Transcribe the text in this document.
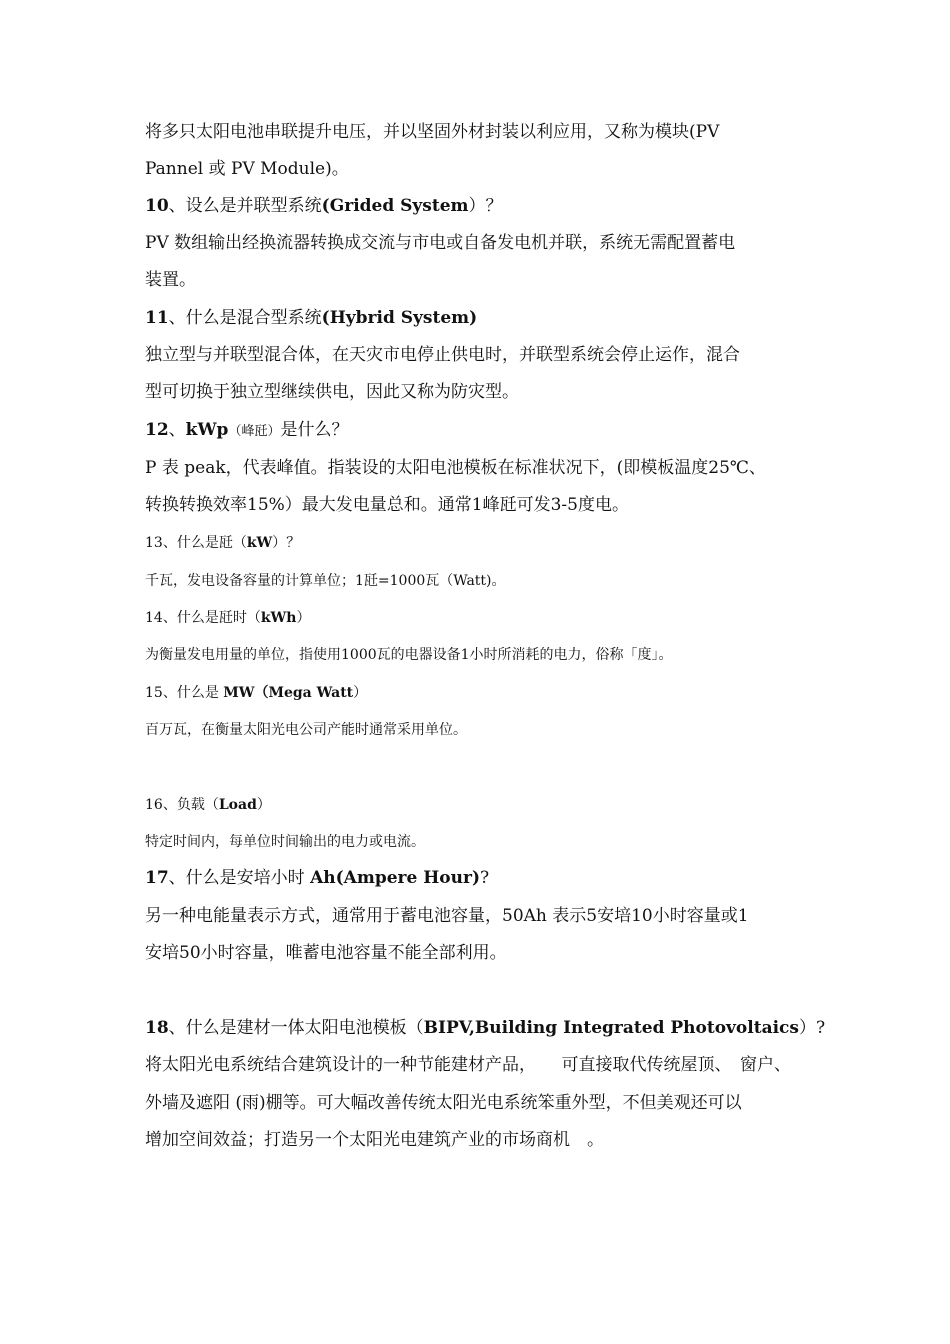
将多只太阳电池串联提升电压，并以坚固外材封装以利应用，又称为模块(PV

Pannel 或 PV Module)。

10、设么是并联型系统(Grided System）？

PV 数组输出经换流器转换成交流与市电或自备发电机并联，系统无需配置蓄电

装置。

11、什么是混合型系统(Hybrid System)

独立型与并联型混合体，在天灾市电停止供电时，并联型系统会停止运作，混合

型可切换于独立型继续供电，因此又称为防灾型。

12、kWp（峰瓩）是什么？

P 表 peak，代表峰值。指装设的太阳电池模板在标准状况下，(即模板温度25℃、

转换转换效率15%）最大发电量总和。通常1峰瓩可发3-5度电。

13、什么是瓩（kW）？

千瓦，发电设备容量的计算单位；1瓩=1000瓦（Watt)。

14、什么是瓩时（kWh）

为衡量发电用量的单位，指使用1000瓦的电器设备1小时所消耗的电力，俗称「度」。

15、什么是 MW（Mega Watt）

百万瓦，在衡量太阳光电公司产能时通常采用单位。

16、负载（Load）

特定时间内，每单位时间输出的电力或电流。

17、什么是安培小时 Ah(Ampere Hour)?

另一种电能量表示方式，通常用于蓄电池容量，50Ah 表示5安培10小时容量或1

安培50小时容量，唯蓄电池容量不能全部利用。

18、什么是建材一体太阳电池模板（BIPV,Building Integrated Photovoltaics）?

将太阳光电系统结合建筑设计的一种节能建材产品，　　可直接取代传统屋顶、　窗户、

外墙及遮阳 (雨)棚等。可大幅改善传统太阳光电系统笨重外型，不但美观还可以

增加空间效益；打造另一个太阳光电建筑产业的市场商机　。
